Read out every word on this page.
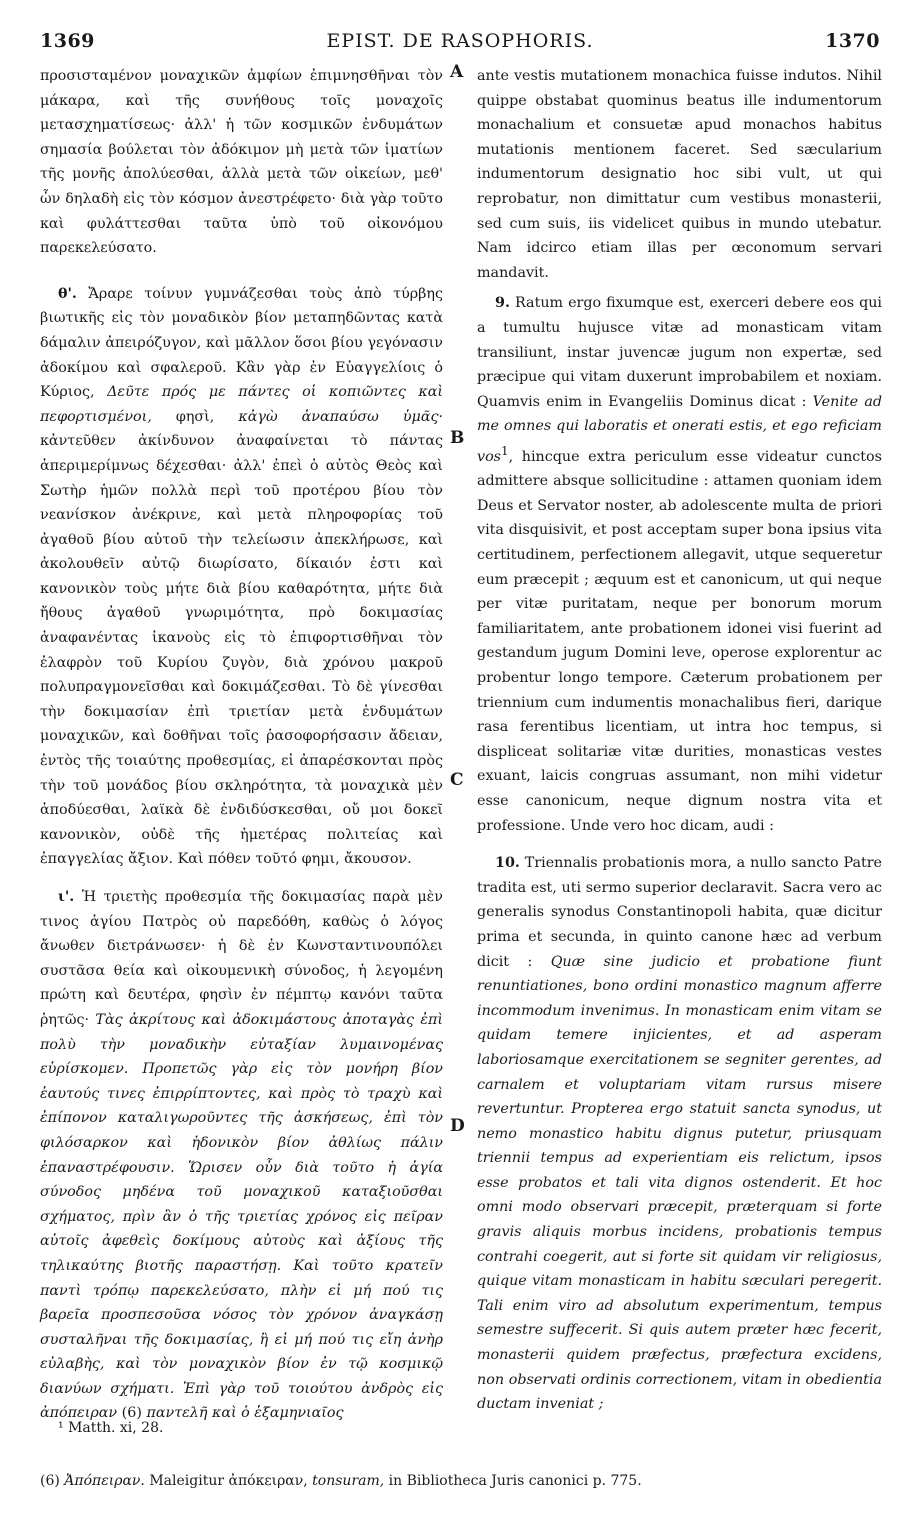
1369	EPIST. DE RASOPHORIS.	1370

προσισταμένον μοναχικῶν ἀμφίων ἐπιμνησθῆναι τὸν μάκαρα, καὶ τῆς συνήθους τοῖς μοναχοῖς μετασχηματίσεως· ἀλλ' ἡ τῶν κοσμικῶν ἐνδυμάτων σημασία βούλεται τὸν ἀδόκιμον μὴ μετὰ τῶν ἱματίων τῆς μονῆς ἀπολύεσθαι, ἀλλὰ μετὰ τῶν οἰκείων, μεθ' ὧν δηλαδὴ εἰς τὸν κόσμον ἀνεστρέφετο· διὰ γὰρ τοῦτο καὶ φυλάττεσθαι ταῦτα ὑπὸ τοῦ οἰκονόμου παρεκελεύσατο.

θ'. Ἄραρε τοίνυν γυμνάζεσθαι τοὺς ἀπὸ τύρβης βιωτικῆς εἰς τὸν μοναδικὸν βίον μεταπηδῶντας κατὰ δάμαλιν ἀπειρόζυγον, καὶ μᾶλλον ὅσοι βίου γεγόνασιν ἀδοκίμου καὶ σφαλεροῦ. Κἂν γὰρ ἐν Εὐαγγελίοις ὁ Κύριος, Δεῦτε πρός με πάντες οἱ κοπιῶντες καὶ πεφορτισμένοι, φησὶ, κἀγὼ ἀναπαύσω ὑμᾶς· κἀντεῦθεν ἀκίνδυνον ἀναφαίνεται τὸ πάντας ἀπεριμερίμνως δέχεσθαι· ἀλλ' ἐπεὶ ὁ αὐτὸς Θεὸς καὶ Σωτὴρ ἡμῶν πολλὰ περὶ τοῦ προτέρου βίου τὸν νεανίσκον ἀνέκρινε, καὶ μετὰ πληροφορίας τοῦ ἀγαθοῦ βίου αὐτοῦ τὴν τελείωσιν ἀπεκλήρωσε, καὶ ἀκολουθεῖν αὐτῷ διωρίσατο, δίκαιόν ἐστι καὶ κανονικὸν τοὺς μήτε διὰ βίου καθαρότητα, μήτε διὰ ἤθους ἀγαθοῦ γνωριμότητα, πρὸ δοκιμασίας ἀναφανέντας ἱκανοὺς εἰς τὸ ἐπιφορτισθῆναι τὸν ἐλαφρὸν τοῦ Κυρίου ζυγὸν, διὰ χρόνου μακροῦ πολυπραγμονεῖσθαι καὶ δοκιμάζεσθαι. Τὸ δὲ γίνεσθαι τὴν δοκιμασίαν ἐπὶ τριετίαν μετὰ ἐνδυμάτων μοναχικῶν, καὶ δοθῆναι τοῖς ῥασοφορήσασιν ἄδειαν, ἐντὸς τῆς τοιαύτης προθεσμίας, εἰ ἀπαρέσκονται πρὸς τὴν τοῦ μονάδος βίου σκληρότητα, τὰ μοναχικὰ μὲν ἀποδύεσθαι, λαϊκὰ δὲ ἐνδιδύσκεσθαι, οὔ μοι δοκεῖ κανονικὸν, οὐδὲ τῆς ἡμετέρας πολιτείας καὶ ἐπαγγελίας ἄξιον. Καὶ πόθεν τοῦτό φημι, ἄκουσον.

ι'. Ἡ τριετὴς προθεσμία τῆς δοκιμασίας παρὰ μὲν τινος ἁγίου Πατρὸς οὐ παρεδόθη, καθὼς ὁ λόγος ἄνωθεν διετράνωσεν· ἡ δὲ ἐν Κωνσταντινουπόλει συστᾶσα θεία καὶ οἰκουμενικὴ σύνοδος, ἡ λεγομένη πρώτη καὶ δευτέρα, φησὶν ἐν πέμπτῳ κανόνι ταῦτα ῥητῶς· Τὰς ἀκρίτους καὶ ἀδοκιμάστους ἀποταγὰς ἐπὶ πολὺ τὴν μοναδικὴν εὐταξίαν λυμαινομένας εὑρίσκομεν. Προπετῶς γὰρ εἰς τὸν μονήρη βίον ἑαυτούς τινες ἐπιρρίπτοντες, καὶ πρὸς τὸ τραχὺ καὶ ἐπίπονον καταλιγωροῦντες τῆς ἀσκήσεως, ἐπὶ τὸν φιλόσαρκον καὶ ἡδονικὸν βίον ἀθλίως πάλιν ἐπαναστρέφουσιν. Ὥρισεν οὖν διὰ τοῦτο ἡ ἁγία σύνοδος μηδένα τοῦ μοναχικοῦ καταξιοῦσθαι σχήματος, πρὶν ἂν ὁ τῆς τριετίας χρόνος εἰς πεῖραν αὐτοῖς ἀφεθεὶς δοκίμους αὐτοὺς καὶ ἀξίους τῆς τηλικαύτης βιοτῆς παραστήσῃ. Καὶ τοῦτο κρατεῖν παντὶ τρόπῳ παρεκελεύσατο, πλὴν εἰ μή πού τις βαρεῖα προσπεσοῦσα νόσος τὸν χρόνον ἀναγκάσῃ συσταλῆναι τῆς δοκιμασίας, ἢ εἰ μή πού τις εἴη ἀνὴρ εὐλαβὴς, καὶ τὸν μοναχικὸν βίον ἐν τῷ κοσμικῷ διανύων σχήματι. Ἐπὶ γὰρ τοῦ τοιούτου ἀνδρὸς εἰς ἀπόπειραν (6) παντελῆ καὶ ὁ ἑξαμηνιαῖος

A
B
C
D

ante vestis mutationem monachica fuisse indutos. Nihil quippe obstabat quominus beatus ille indumentorum monachalium et consuetæ apud monachos habitus mutationis mentionem faceret. Sed sæcularium indumentorum designatio hoc sibi vult, ut qui reprobatur, non dimittatur cum vestibus monasterii, sed cum suis, iis videlicet quibus in mundo utebatur. Nam idcirco etiam illas per œconomum servari mandavit.

9. Ratum ergo fixumque est, exerceri debere eos qui a tumultu hujusce vitæ ad monasticam vitam transiliunt, instar juvencæ jugum non expertæ, sed præcipue qui vitam duxerunt improbabilem et noxiam. Quamvis enim in Evangeliis Dominus dicat : Venite ad me omnes qui laboratis et onerati estis, et ego reficiam vos$^1$, hincque extra periculum esse videatur cunctos admittere absque sollicitudine : attamen quoniam idem Deus et Servator noster, ab adolescente multa de priori vita disquisivit, et post acceptam super bona ipsius vita certitudinem, perfectionem allegavit, utque sequeretur eum præcepit ; æquum est et canonicum, ut qui neque per vitæ puritatam, neque per bonorum morum familiaritatem, ante probationem idonei visi fuerint ad gestandum jugum Domini leve, operose explorentur ac probentur longo tempore. Cæterum probationem per triennium cum indumentis monachalibus fieri, darique rasa ferentibus licentiam, ut intra hoc tempus, si displiceat solitariæ vitæ durities, monasticas vestes exuant, laicis congruas assumant, non mihi videtur esse canonicum, neque dignum nostra vita et professione. Unde vero hoc dicam, audi :

10. Triennalis probationis mora, a nullo sancto Patre tradita est, uti sermo superior declaravit. Sacra vero ac generalis synodus Constantinopoli habita, quæ dicitur prima et secunda, in quinto canone hæc ad verbum dicit : Quæ sine judicio et probatione fiunt renuntiationes, bono ordini monastico magnum afferre incommodum invenimus. In monasticam enim vitam se quidam temere injicientes, et ad asperam laboriosamque exercitationem se segniter gerentes, ad carnalem et voluptariam vitam rursus misere revertuntur. Propterea ergo statuit sancta synodus, ut nemo monastico habitu dignus putetur, priusquam triennii tempus ad experientiam eis relictum, ipsos esse probatos et tali vita dignos ostenderit. Et hoc omni modo observari præcepit, præterquam si forte gravis aliquis morbus incidens, probationis tempus contrahi coegerit, aut si forte sit quidam vir religiosus, quique vitam monasticam in habitu sæculari peregerit. Tali enim viro ad absolutum experimentum, tempus semestre suffecerit. Si quis autem præter hæc fecerit, monasterii quidem præfectus, præfectura excidens, non observati ordinis correctionem, vitam in obedientia ductam inveniat ;

¹ Matth. xi, 28.
(6) Ἀπόπειραν. Maleigitur ἀπόκειραν, tonsuram, in Bibliotheca Juris canonici p. 775.
